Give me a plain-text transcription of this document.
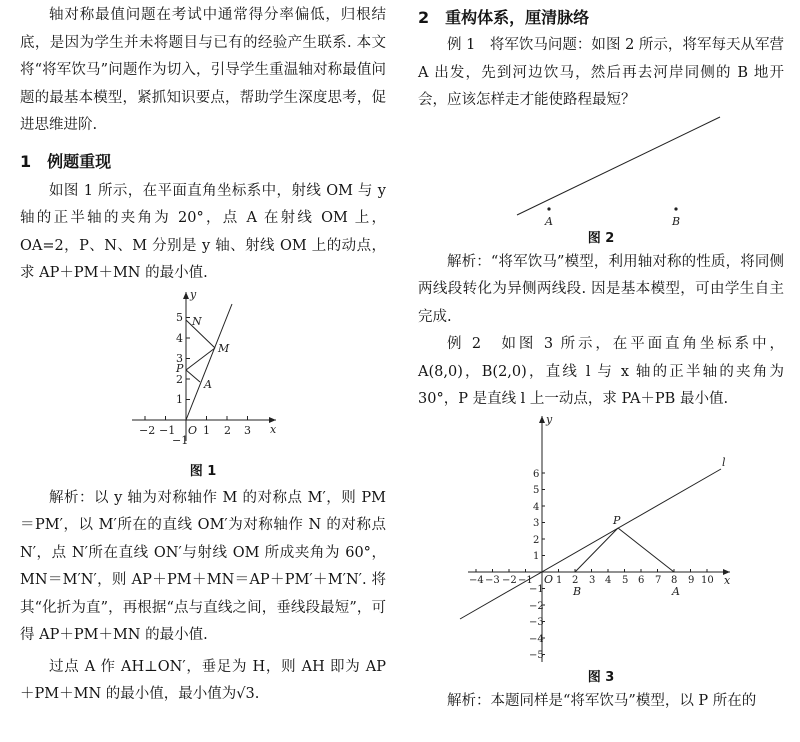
轴对称最值问题在考试中通常得分率偏低，归根结底，是因为学生并未将题目与已有的经验产生联系. 本文将“将军饮马”问题作为切入，引导学生重温轴对称最值问题的最基本模型，紧抓知识要点，帮助学生深度思考，促进思维进阶.

1　例题重现

如图 1 所示，在平面直角坐标系中，射线 OM 与 y 轴的正半轴的夹角为 20°，点 A 在射线 OM 上，OA=2，P、N、M 分别是 y 轴、射线 OM 上的动点，求 AP＋PM＋MN 的最小值.

−2 −1	1 2 3
1
2
3
4
5
−1
O	x
y
N
M
P
A
图 1

解析：以 y 轴为对称轴作 M 的对称点 M′，则 PM＝PM′，以 M′所在的直线 OM′为对称轴作 N 的对称点 N′，点 N′所在直线 ON′与射线 OM 所成夹角为 60°，MN＝M′N′，则 AP＋PM＋MN＝AP＋PM′＋M′N′. 将其“化折为直”，再根据“点与直线之间，垂线段最短”，可得 AP＋PM＋MN 的最小值.

过点 A 作 AH⊥ON′，垂足为 H，则 AH 即为 AP＋PM＋MN 的最小值，最小值为√3.

2　重构体系，厘清脉络

例 1　将军饮马问题：如图 2 所示，将军每天从军营 A 出发，先到河边饮马，然后再去河岸同侧的 B 地开会，应该怎样走才能使路程最短？

A	B
图 2

解析：“将军饮马”模型，利用轴对称的性质，将同侧两线段转化为异侧两线段. 因是基本模型，可由学生自主完成.

例 2　如图 3 所示，在平面直角坐标系中，A(8,0)，B(2,0)，直线 l 与 x 轴的正半轴的夹角为 30°，P 是直线 l 上一动点，求 PA＋PB 最小值.

−4 −3 −2 −1 1 2 3 4 5 6 7 8 9 10
1
2
3
4
5
6
−1
−2
−3
−4
−5
O	x
y
l
P
B	A
图 3

解析：本题同样是“将军饮马”模型，以 P 所在的
